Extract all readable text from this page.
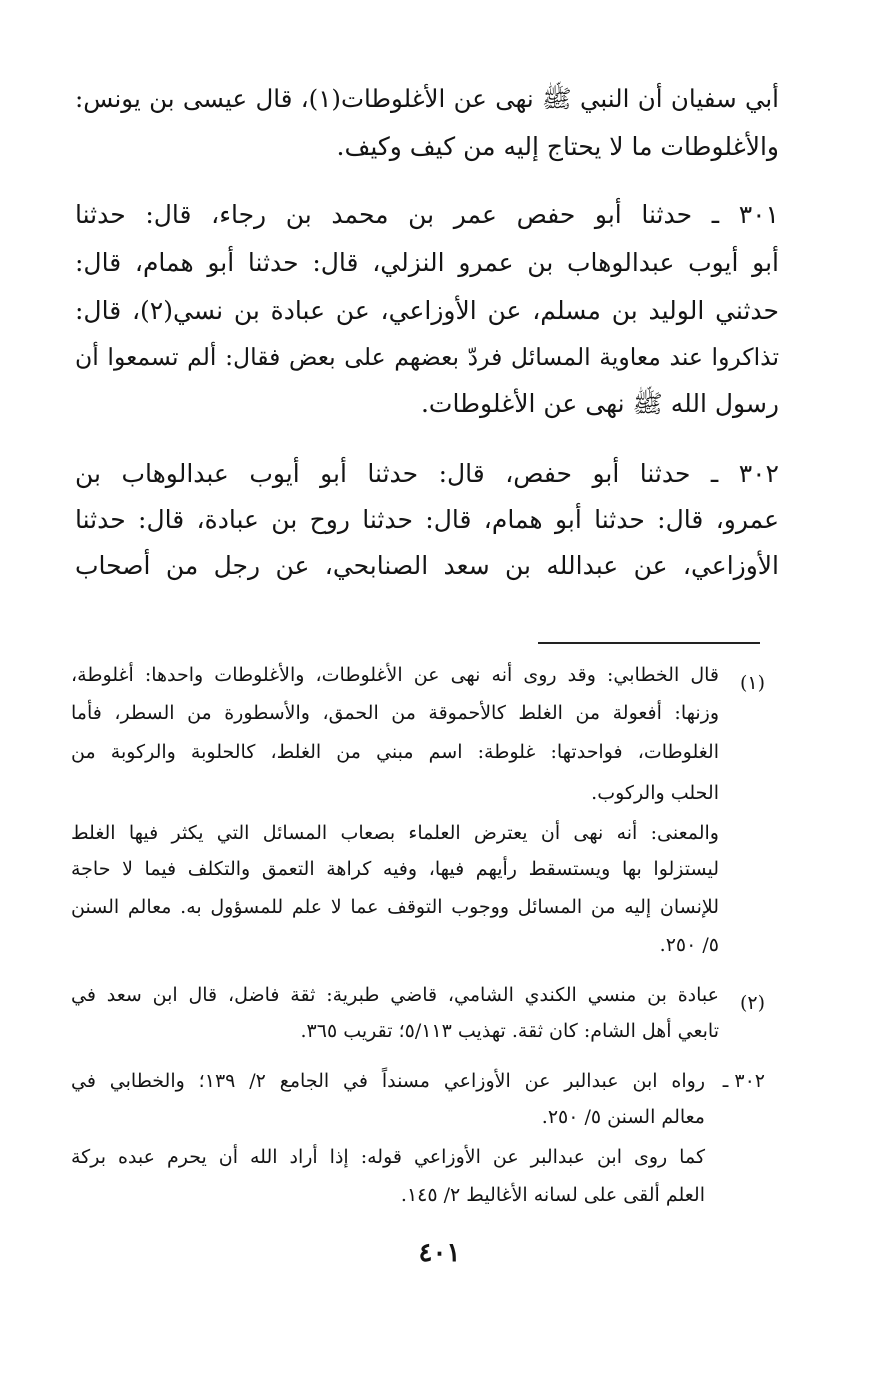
أبي سفيان أن النبي ﷺ نهى عن الأغلوطات(١)، قال عيسى بن يونس:
والأغلوطات ما لا يحتاج إليه من كيف وكيف.
٣٠١ ـ حدثنا أبو حفص عمر بن محمد بن رجاء، قال: حدثنا
أبو أيوب عبدالوهاب بن عمرو النزلي، قال: حدثنا أبو همام، قال:
حدثني الوليد بن مسلم، عن الأوزاعي، عن عبادة بن نسي(٢)، قال:
تذاكروا عند معاوية المسائل فردّ بعضهم على بعض فقال: ألم تسمعوا أن
رسول الله ﷺ نهى عن الأغلوطات.
٣٠٢ ـ حدثنا أبو حفص، قال: حدثنا أبو أيوب عبدالوهاب بن
عمرو، قال: حدثنا أبو همام، قال: حدثنا روح بن عبادة، قال: حدثنا
الأوزاعي، عن عبدالله بن سعد الصنابحي، عن رجل من أصحاب
(١)
قال الخطابي: وقد روى أنه نهى عن الأغلوطات، والأغلوطات واحدها: أغلوطة،
وزنها: أفعولة من الغلط كالأحموقة من الحمق، والأسطورة من السطر، فأما
الغلوطات، فواحدتها: غلوطة: اسم مبني من الغلط، كالحلوبة والركوبة من
الحلب والركوب.
والمعنى: أنه نهى أن يعترض العلماء بصعاب المسائل التي يكثر فيها الغلط
ليستزلوا بها ويستسقط رأيهم فيها، وفيه كراهة التعمق والتكلف فيما لا حاجة
للإنسان إليه من المسائل ووجوب التوقف عما لا علم للمسؤول به. معالم السنن
٥/ ٢٥٠.
(٢)
عبادة بن منسي الكندي الشامي، قاضي طبرية: ثقة فاضل، قال ابن سعد في
تابعي أهل الشام: كان ثقة. تهذيب ٥/١١٣؛ تقريب ٣٦٥.
٣٠٢ ـ
رواه ابن عبدالبر عن الأوزاعي مسنداً في الجامع ٢/ ١٣٩؛ والخطابي في
معالم السنن ٥/ ٢٥٠.
كما روى ابن عبدالبر عن الأوزاعي قوله: إذا أراد الله أن يحرم عبده بركة
العلم ألقى على لسانه الأغاليط ٢/ ١٤٥.
٤٠١
